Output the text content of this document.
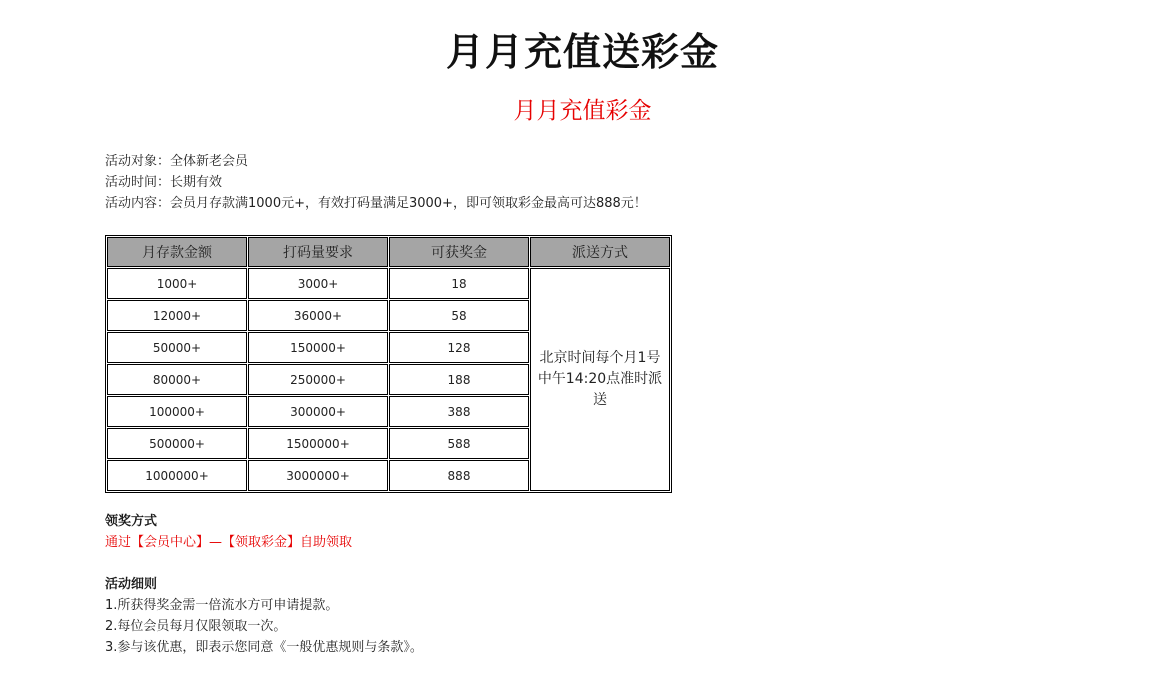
月月充值送彩金
月月充值彩金
活动对象：全体新老会员
活动时间：长期有效
活动内容：会员月存款满1000元+，有效打码量满足3000+，即可领取彩金最高可达888元！
月存款金额	打码量要求	可获奖金	派送方式
1000+	3000+	18	北京时间每个月1号中午14:20点准时派送
12000+	36000+	58	
50000+	150000+	128	
80000+	250000+	188	
100000+	300000+	388	
500000+	1500000+	588	
1000000+	3000000+	888	
领奖方式
通过【会员中心】—【领取彩金】自助领取
活动细则
1.所获得奖金需一倍流水方可申请提款。
2.每位会员每月仅限领取一次。
3.参与该优惠，即表示您同意《一般优惠规则与条款》。
